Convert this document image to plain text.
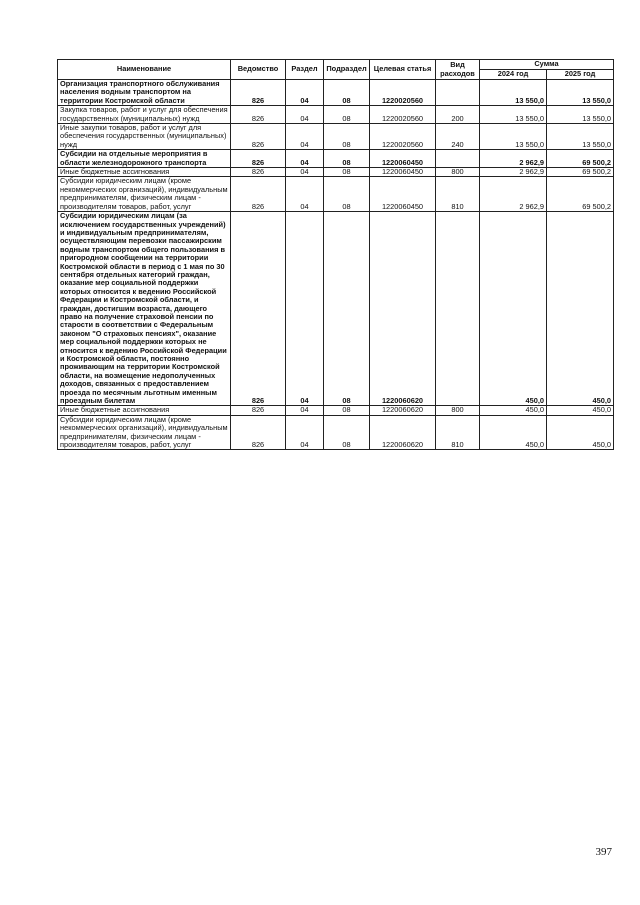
Наименование	Ведомство	Раздел	Подраздел	Целевая статья	Вид расходов	Сумма	
						2024 год	2025 год
Организация транспортного обслуживания населения водным транспортом на территории Костромской области	826	04	08	1220020560		13 550,0	13 550,0
Закупка товаров, работ и услуг для обеспечения государственных (муниципальных) нужд	826	04	08	1220020560	200	13 550,0	13 550,0
Иные закупки товаров, работ и услуг для обеспечения государственных (муниципальных) нужд	826	04	08	1220020560	240	13 550,0	13 550,0
Субсидии на отдельные мероприятия в области железнодорожного транспорта	826	04	08	1220060450		2 962,9	69 500,2
Иные бюджетные ассигнования	826	04	08	1220060450	800	2 962,9	69 500,2
Субсидии юридическим лицам (кроме некоммерческих организаций), индивидуальным предпринимателям, физическим лицам - производителям товаров, работ, услуг	826	04	08	1220060450	810	2 962,9	69 500,2
Субсидии юридическим лицам (за исключением государственных учреждений) и индивидуальным предпринимателям, осуществляющим перевозки пассажирским водным транспортом общего пользования в пригородном сообщении на территории Костромской области в период с 1 мая по 30 сентября отдельных категорий граждан, оказание мер социальной поддержки которых относится к ведению Российской Федерации и Костромской области, и граждан, достигшим возраста, дающего право на получение страховой пенсии по старости в соответствии с Федеральным законом "О страховых пенсиях", оказание мер социальной поддержки которых не относится к ведению Российской Федерации и Костромской области, постоянно проживающим на территории Костромской области, на возмещение недополученных доходов, связанных с предоставлением проезда по месячным льготным именным проездным билетам	826	04	08	1220060620		450,0	450,0
Иные бюджетные ассигнования	826	04	08	1220060620	800	450,0	450,0
Субсидии юридическим лицам (кроме некоммерческих организаций), индивидуальным предпринимателям, физическим лицам - производителям товаров, работ, услуг	826	04	08	1220060620	810	450,0	450,0
397
